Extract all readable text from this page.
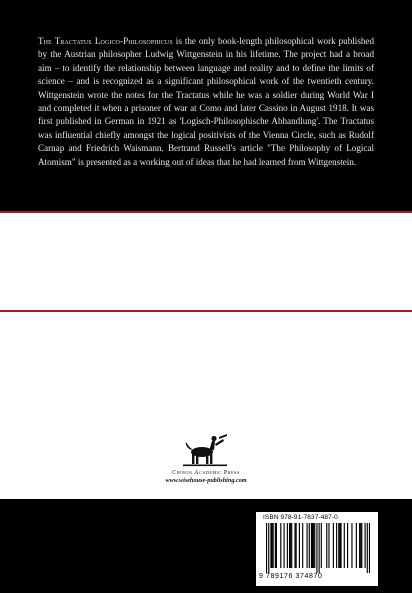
The Tractatus Logico-Philosophicus is the only book-length philosophical work published by the Austrian philosopher Ludwig Wittgenstein in his lifetime. The project had a broad aim – to identify the relationship between language and reality and to define the limits of science – and is recognized as a significant philosophical work of the twentieth century. Wittgenstein wrote the notes for the Tractatus while he was a soldier during World War I and completed it when a prisoner of war at Como and later Cassino in August 1918. It was first published in German in 1921 as 'Logisch-Philosophische Abhandlung'. The Tractatus was influential chiefly amongst the logical positivists of the Vienna Circle, such as Rudolf Carnap and Friedrich Waismann. Bertrand Russell's article "The Philosophy of Logical Atomism" is presented as a working out of ideas that he had learned from Wittgenstein.

Chiron Academic Press
www.wisehouse-publishing.com
ISBN 978-91-7637-487-0
9 789176 374870
